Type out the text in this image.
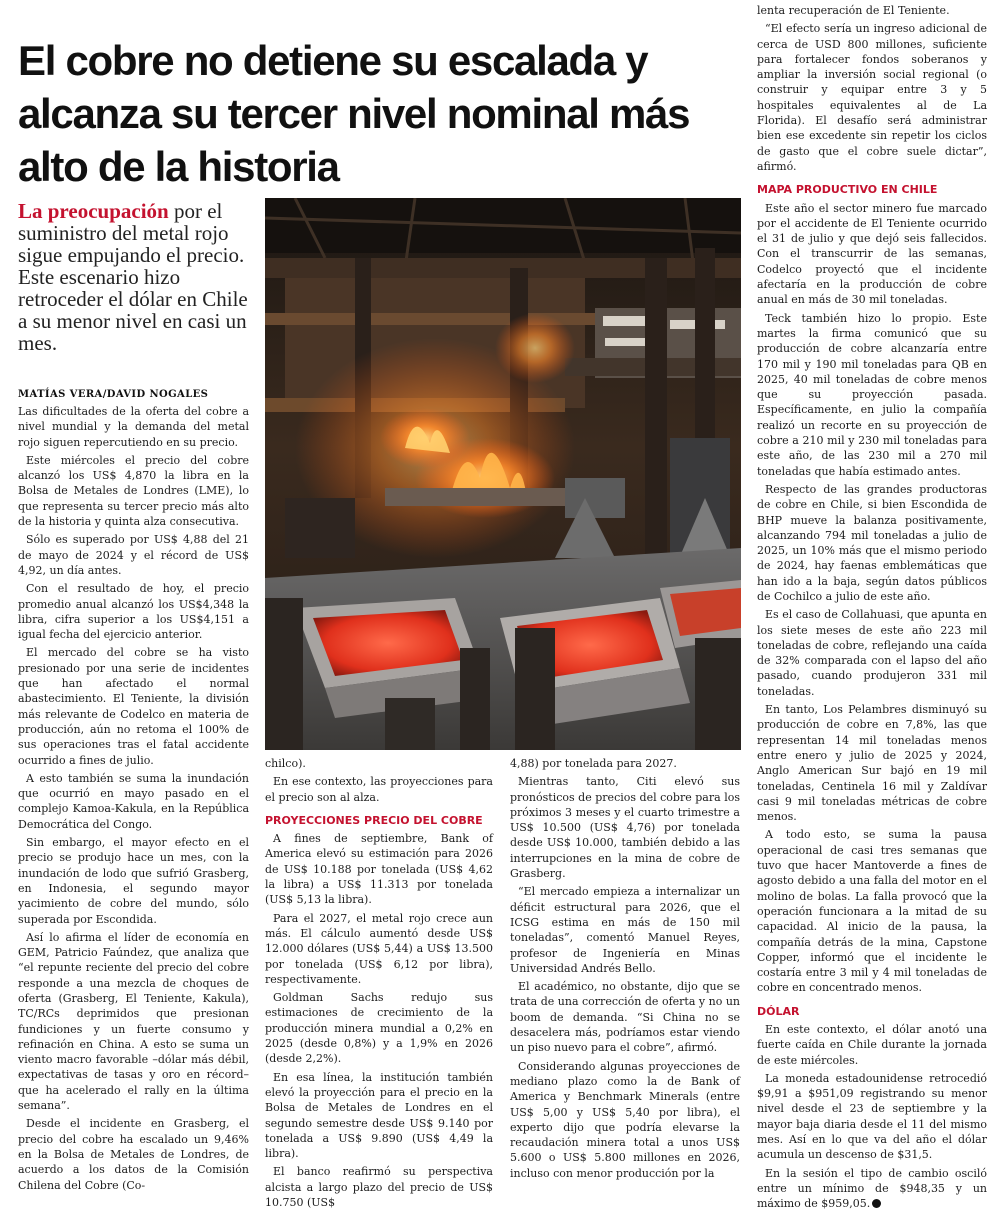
El cobre no detiene su escalada y alcanza su tercer nivel nominal más alto de la historia
La preocupación por el suministro del metal rojo sigue empujando el precio. Este escenario hizo retroceder el dólar en Chile a su menor nivel en casi un mes.
MATÍAS VERA/DAVID NOGALES

Las dificultades de la oferta del cobre a nivel mundial y la demanda del metal rojo siguen repercutiendo en su precio.

Este miércoles el precio del cobre alcanzó los US$ 4,870 la libra en la Bolsa de Metales de Londres (LME), lo que representa su tercer precio más alto de la historia y quinta alza consecutiva.

Sólo es superado por US$ 4,88 del 21 de mayo de 2024 y el récord de US$ 4,92, un día antes.

Con el resultado de hoy, el precio promedio anual alcanzó los US$4,348 la libra, cifra superior a los US$4,151 a igual fecha del ejercicio anterior.

El mercado del cobre se ha visto presionado por una serie de incidentes que han afectado el normal abastecimiento. El Teniente, la división más relevante de Codelco en materia de producción, aún no retoma el 100% de sus operaciones tras el fatal accidente ocurrido a fines de julio.

A esto también se suma la inundación que ocurrió en mayo pasado en el complejo Kamoa-Kakula, en la República Democrática del Congo.

Sin embargo, el mayor efecto en el precio se produjo hace un mes, con la inundación de lodo que sufrió Grasberg, en Indonesia, el segundo mayor yacimiento de cobre del mundo, sólo superada por Escondida.

Así lo afirma el líder de economía en GEM, Patricio Faúndez, que analiza que “el repunte reciente del precio del cobre responde a una mezcla de choques de oferta (Grasberg, El Teniente, Kakula), TC/RCs deprimidos que presionan fundiciones y un fuerte consumo y refinación en China. A esto se suma un viento macro favorable –dólar más débil, expectativas de tasas y oro en récord– que ha acelerado el rally en la última semana”.

Desde el incidente en Grasberg, el precio del cobre ha escalado un 9,46% en la Bolsa de Metales de Londres, de acuerdo a los datos de la Comisión Chilena del Cobre (Co-

chilco).

En ese contexto, las proyecciones para el precio son al alza.

PROYECCIONES PRECIO DEL COBRE

A fines de septiembre, Bank of America elevó su estimación para 2026 de US$ 10.188 por tonelada (US$ 4,62 la libra) a US$ 11.313 por tonelada (US$ 5,13 la libra).

Para el 2027, el metal rojo crece aun más. El cálculo aumentó desde US$ 12.000 dólares (US$ 5,44) a US$ 13.500 por tonelada (US$ 6,12 por libra), respectivamente.

Goldman Sachs redujo sus estimaciones de crecimiento de la producción minera mundial a 0,2% en 2025 (desde 0,8%) y a 1,9% en 2026 (desde 2,2%).

En esa línea, la institución también elevó la proyección para el precio en la Bolsa de Metales de Londres en el segundo semestre desde US$ 9.140 por tonelada a US$ 9.890 (US$ 4,49 la libra).

El banco reafirmó su perspectiva alcista a largo plazo del precio de US$ 10.750 (US$

4,88) por tonelada para 2027.

Mientras tanto, Citi elevó sus pronósticos de precios del cobre para los próximos 3 meses y el cuarto trimestre a US$ 10.500 (US$ 4,76) por tonelada desde US$ 10.000, también debido a las interrupciones en la mina de cobre de Grasberg.

“El mercado empieza a internalizar un déficit estructural para 2026, que el ICSG estima en más de 150 mil toneladas”, comentó Manuel Reyes, profesor de Ingeniería en Minas Universidad Andrés Bello.

El académico, no obstante, dijo que se trata de una corrección de oferta y no un boom de demanda. “Si China no se desacelera más, podríamos estar viendo un piso nuevo para el cobre”, afirmó.

Considerando algunas proyecciones de mediano plazo como la de Bank of America y Benchmark Minerals (entre US$ 5,00 y US$ 5,40 por libra), el experto dijo que podría elevarse la recaudación minera total a unos US$ 5.600 o US$ 5.800 millones en 2026, incluso con menor producción por la

lenta recuperación de El Teniente.

“El efecto sería un ingreso adicional de cerca de USD 800 millones, suficiente para fortalecer fondos soberanos y ampliar la inversión social regional (o construir y equipar entre 3 y 5 hospitales equivalentes al de La Florida). El desafío será administrar bien ese excedente sin repetir los ciclos de gasto que el cobre suele dictar”, afirmó.

MAPA PRODUCTIVO EN CHILE

Este año el sector minero fue marcado por el accidente de El Teniente ocurrido el 31 de julio y que dejó seis fallecidos. Con el transcurrir de las semanas, Codelco proyectó que el incidente afectaría en la producción de cobre anual en más de 30 mil toneladas.

Teck también hizo lo propio. Este martes la firma comunicó que su producción de cobre alcanzaría entre 170 mil y 190 mil toneladas para QB en 2025, 40 mil toneladas de cobre menos que su proyección pasada. Específicamente, en julio la compañía realizó un recorte en su proyección de cobre a 210 mil y 230 mil toneladas para este año, de las 230 mil a 270 mil toneladas que había estimado antes.

Respecto de las grandes productoras de cobre en Chile, si bien Escondida de BHP mueve la balanza positivamente, alcanzando 794 mil toneladas a julio de 2025, un 10% más que el mismo periodo de 2024, hay faenas emblemáticas que han ido a la baja, según datos públicos de Cochilco a julio de este año.

Es el caso de Collahuasi, que apunta en los siete meses de este año 223 mil toneladas de cobre, reflejando una caída de 32% comparada con el lapso del año pasado, cuando produjeron 331 mil toneladas.

En tanto, Los Pelambres disminuyó su producción de cobre en 7,8%, las que representan 14 mil toneladas menos entre enero y julio de 2025 y 2024, Anglo American Sur bajó en 19 mil toneladas, Centinela 16 mil y Zaldívar casi 9 mil toneladas métricas de cobre menos.

A todo esto, se suma la pausa operacional de casi tres semanas que tuvo que hacer Mantoverde a fines de agosto debido a una falla del motor en el molino de bolas. La falla provocó que la operación funcionara a la mitad de su capacidad. Al inicio de la pausa, la compañía detrás de la mina, Capstone Copper, informó que el incidente le costaría entre 3 mil y 4 mil toneladas de cobre en concentrado menos.

DÓLAR

En este contexto, el dólar anotó una fuerte caída en Chile durante la jornada de este miércoles.

La moneda estadounidense retrocedió $9,91 a $951,09 registrando su menor nivel desde el 23 de septiembre y la mayor baja diaria desde el 11 del mismo mes. Así en lo que va del año el dólar acumula un descenso de $31,5.

En la sesión el tipo de cambio osciló entre un mínimo de $948,35 y un máximo de $959,05.
